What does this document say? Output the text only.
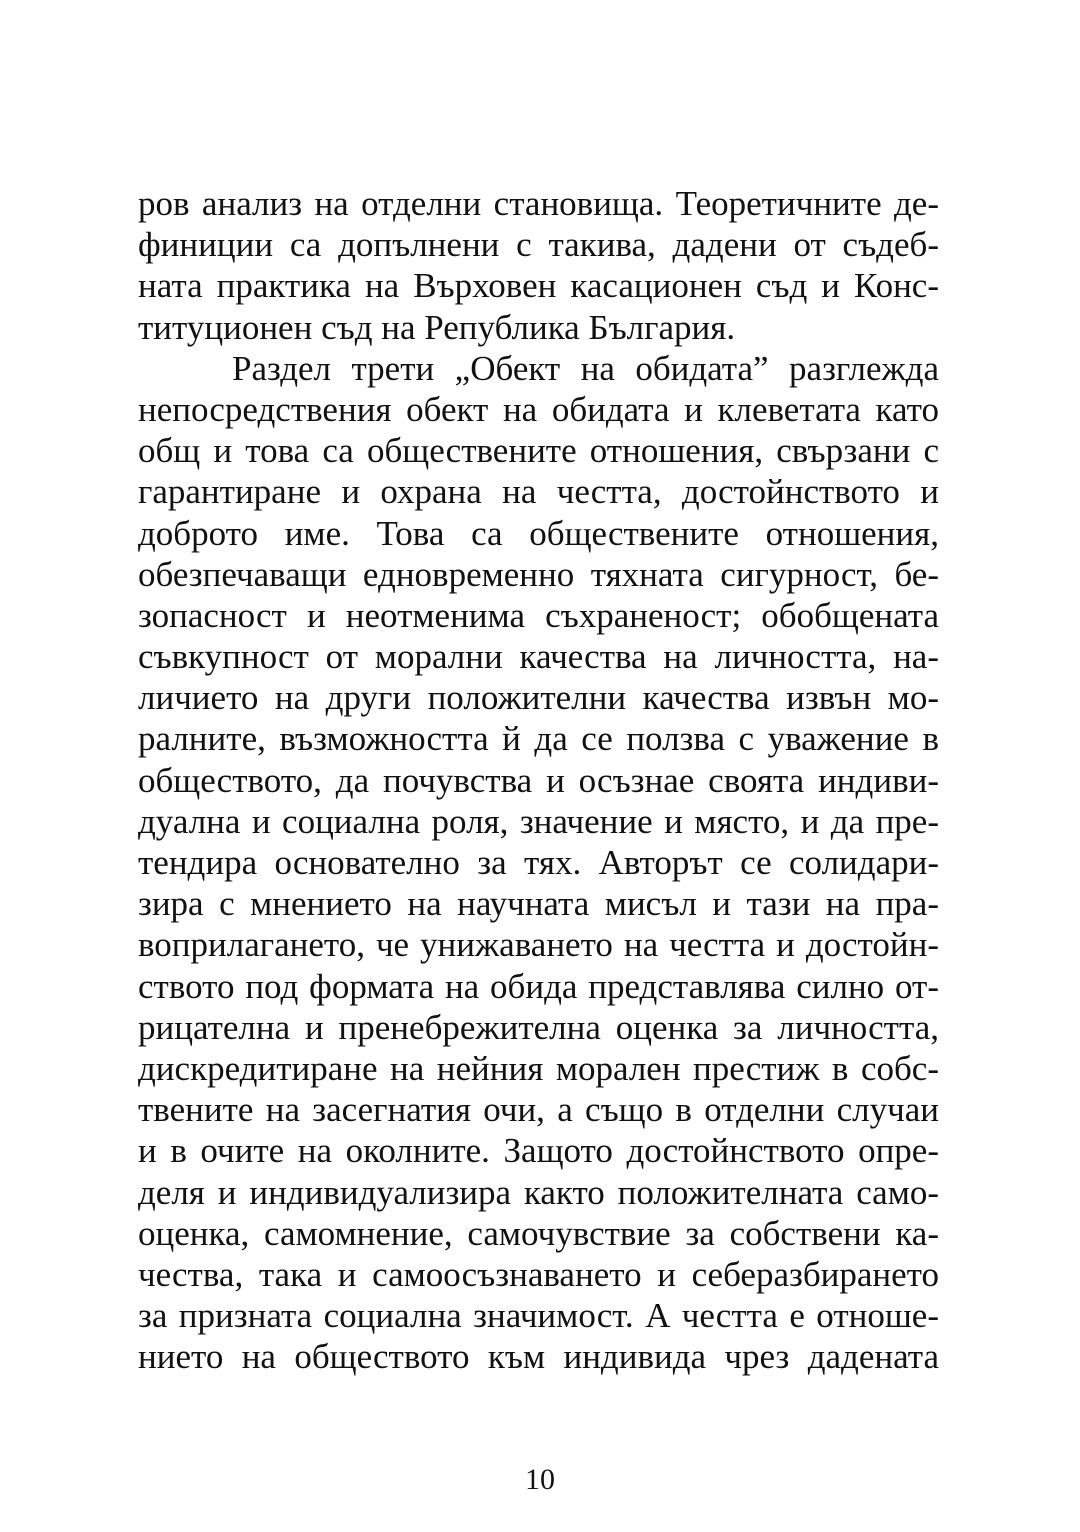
ров анализ на отделни становища. Теоретичните де-
финиции са допълнени с такива, дадени от съдеб-
ната практика на Върховен касационен съд и Конс-
титуционен съд на Република България.
Раздел трети „Обект на обидата” разглежда
непосредствения обект на обидата и клеветата като
общ и това са обществените отношения, свързани с
гарантиране и охрана на честта, достойнството и
доброто име. Това са обществените отношения,
обезпечаващи едновременно тяхната сигурност, бе-
зопасност и неотменима съхраненост; обобщената
съвкупност от морални качества на личността, на-
личието на други положителни качества извън мо-
ралните, възможността й да се ползва с уважение в
обществото, да почувства и осъзнае своята индиви-
дуална и социална роля, значение и място, и да пре-
тендира основателно за тях. Авторът се солидари-
зира с мнението на научната мисъл и тази на пра-
воприлагането, че унижаването на честта и достойн-
ството под формата на обида представлява силно от-
рицателна и пренебрежителна оценка за личността,
дискредитиране на нейния морален престиж в собс-
твените на засегнатия очи, а също в отделни случаи
и в очите на околните. Защото достойнството опре-
деля и индивидуализира както положителната само-
оценка, самомнение, самочувствие за собствени ка-
чества, така и самоосъзнаването и себеразбирането
за призната социална значимост. А честта е отноше-
нието на обществото към индивида чрез дадената
10
